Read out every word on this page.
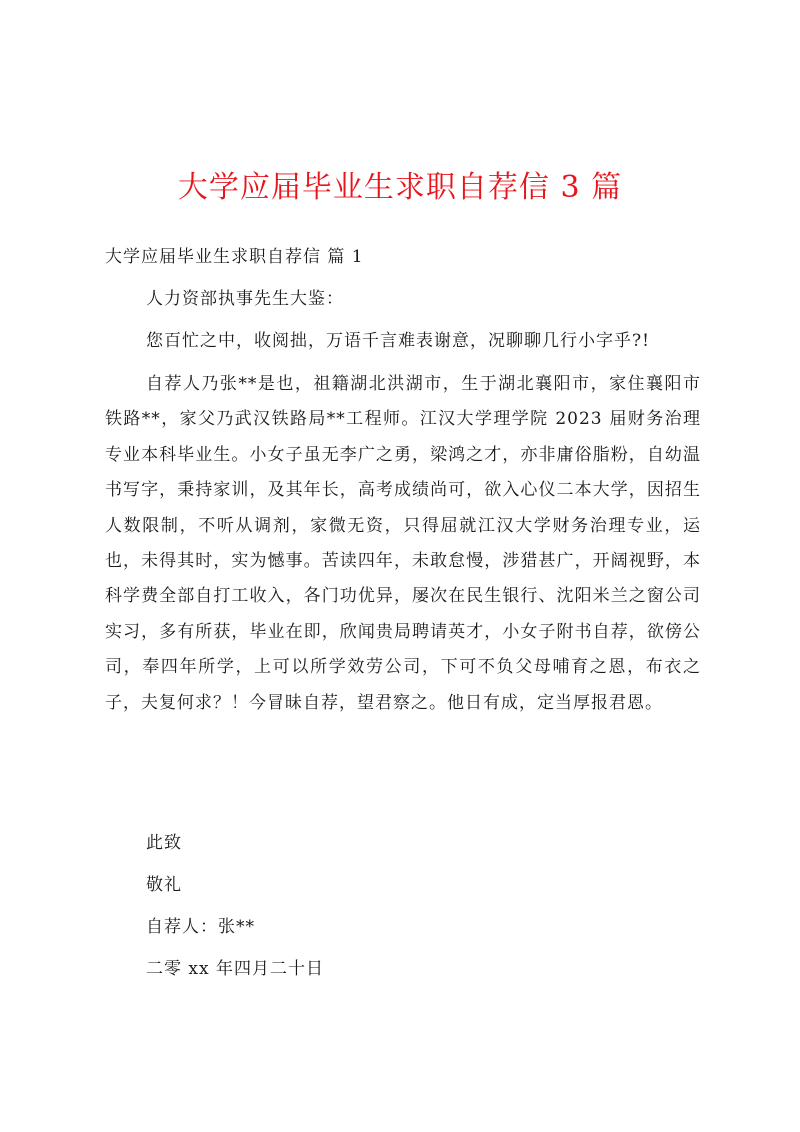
大学应届毕业生求职自荐信 3 篇
大学应届毕业生求职自荐信 篇 1
人力资部执事先生大鉴：
您百忙之中，收阅拙，万语千言难表谢意，况聊聊几行小字乎?!
自荐人乃张**是也，祖籍湖北洪湖市，生于湖北襄阳市，家住襄阳市铁路**，家父乃武汉铁路局**工程师。江汉大学理学院 2023 届财务治理专业本科毕业生。小女子虽无李广之勇，梁鸿之才，亦非庸俗脂粉，自幼温书写字，秉持家训，及其年长，高考成绩尚可，欲入心仪二本大学，因招生人数限制，不听从调剂，家微无资，只得屈就江汉大学财务治理专业，运也，未得其时，实为憾事。苦读四年，未敢怠慢，涉猎甚广，开阔视野，本科学费全部自打工收入，各门功优异，屡次在民生银行、沈阳米兰之窗公司实习，多有所获，毕业在即，欣闻贵局聘请英才，小女子附书自荐，欲傍公司，奉四年所学，上可以所学效劳公司，下可不负父母哺育之恩，布衣之子，夫复何求？！今冒昧自荐，望君察之。他日有成，定当厚报君恩。
此致
敬礼
自荐人：张**
二零 xx 年四月二十日
